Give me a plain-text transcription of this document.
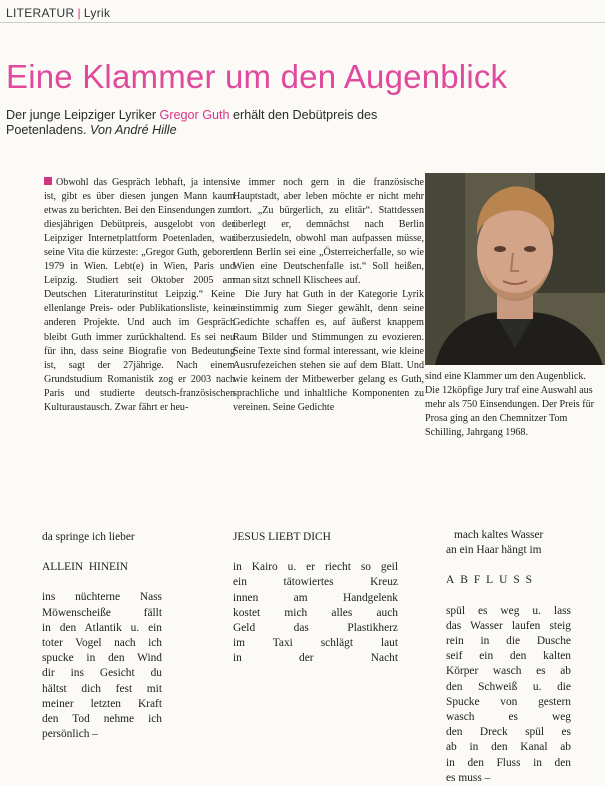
LITERATUR | Lyrik
Eine Klammer um den Augenblick
Der junge Leipziger Lyriker Gregor Guth erhält den Debütpreis des Poetenladens. Von André Hille

Obwohl das Gespräch lebhaft, ja intensiv ist, gibt es über diesen jungen Mann kaum etwas zu berichten. Bei den Einsendungen zum diesjährigen Debütpreis, ausgelobt von der Leipziger Internetplattform Poetenladen, war seine Vita die kürzeste: „Gregor Guth, geboren 1979 in Wien. Lebt(e) in Wien, Paris und Leipzig. Studiert seit Oktober 2005 am Deutschen Literaturinstitut Leipzig.“ Keine ellenlange Preis- oder Publikationsliste, keine anderen Projekte. Und auch im Gespräch bleibt Guth immer zurückhaltend. Es sei neu für ihn, dass seine Biografie von Bedeutung ist, sagt der 27jährige. Nach einem Grundstudium Romanistik zog er 2003 nach Paris und studierte deutsch-französischen Kulturaustausch. Zwar fährt er heu-

te immer noch gern in die französische Hauptstadt, aber leben möchte er nicht mehr dort. „Zu bürgerlich, zu elitär“. Stattdessen überlegt er, demnächst nach Berlin überzusiedeln, obwohl man aufpassen müsse, denn Berlin sei eine „Österreicherfalle, so wie Wien eine Deutschenfalle ist.“ Soll heißen, man sitzt schnell Klischees auf.

Die Jury hat Guth in der Kategorie Lyrik einstimmig zum Sieger gewählt, denn seine Gedichte schaffen es, auf äußerst knappem Raum Bilder und Stimmungen zu evozieren. Seine Texte sind formal interessant, wie kleine Ausrufezeichen stehen sie auf dem Blatt. Und wie keinem der Mitbewerber gelang es Guth, sprachliche und inhaltliche Komponenten zu vereinen. Seine Gedichte

sind eine Klammer um den Augenblick. Die 12köpfige Jury traf eine Auswahl aus mehr als 750 Einsendungen. Der Preis für Prosa ging an den Chemnitzer Tom Schilling, Jahrgang 1968.
da springe ich lieber
ALLEIN  HINEIN
ins nüchterne Nass
Möwenscheiße fällt
in den Atlantik u. ein
toter Vogel nach ich
spucke in den Wind
dir ins Gesicht du
hältst dich fest mit
meiner letzten Kraft
den Tod nehme ich
persönlich –
JESUS LIEBT DICH
in Kairo u. er riecht so geil
ein tätowiertes Kreuz
innen am Handgelenk
kostet mich alles auch
Geld das Plastikherz
im Taxi schlägt laut
in der Nacht
mach kaltes Wasser
an ein Haar hängt im
ABFLUSS
spül es weg u. lass
das Wasser laufen steig
rein in die Dusche
seif ein den kalten
Körper wasch es ab
den Schweiß u. die
Spucke von gestern
wasch es weg
den Dreck spül es
ab in den Kanal ab
in den Fluss in den
es muss –
